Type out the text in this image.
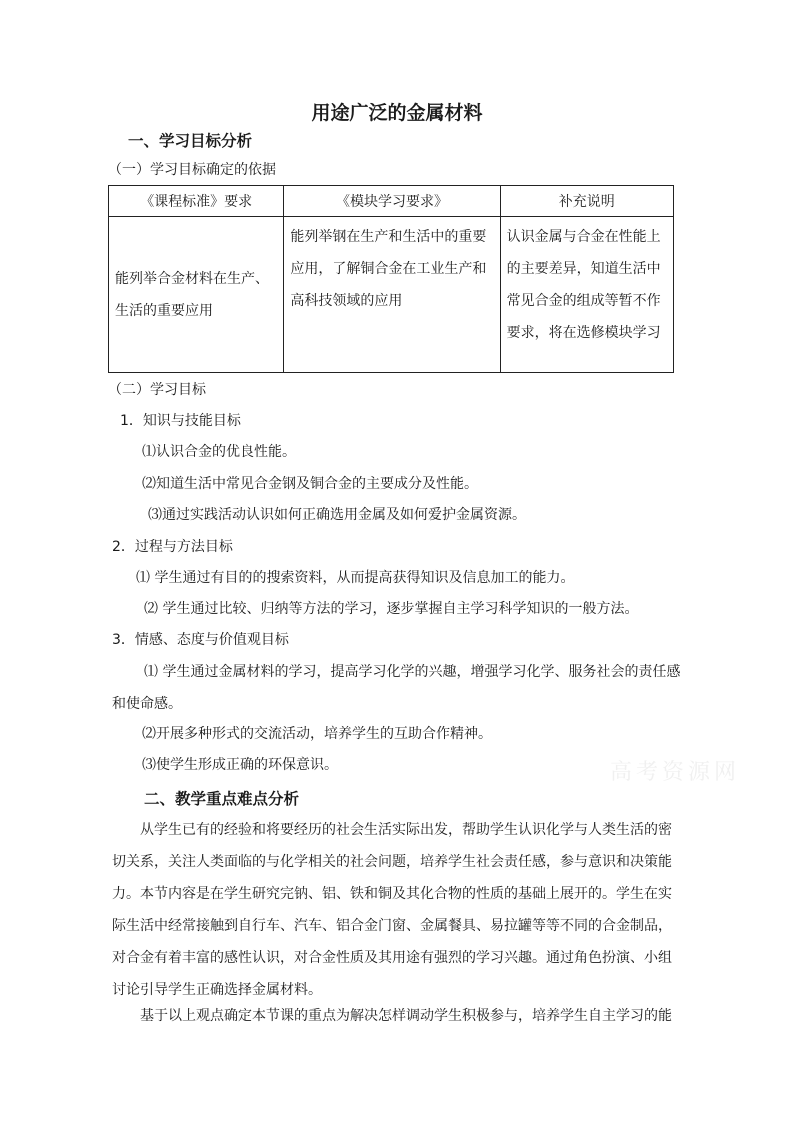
用途广泛的金属材料
一、学习目标分析
（一）学习目标确定的依据
《课程标准》要求	《模块学习要求》	补充说明
能列举合金材料在生产、生活的重要应用	能列举钢在生产和生活中的重要应用，了解铜合金在工业生产和高科技领域的应用	认识金属与合金在性能上的主要差异，知道生活中常见合金的组成等暂不作要求，将在选修模块学习
（二）学习目标
1．知识与技能目标
⑴认识合金的优良性能。
⑵知道生活中常见合金钢及铜合金的主要成分及性能。
⑶通过实践活动认识如何正确选用金属及如何爱护金属资源。
2．过程与方法目标
⑴ 学生通过有目的的搜索资料，从而提高获得知识及信息加工的能力。
⑵ 学生通过比较、归纳等方法的学习，逐步掌握自主学习科学知识的一般方法。
3．情感、态度与价值观目标
⑴ 学生通过金属材料的学习，提高学习化学的兴趣，增强学习化学、服务社会的责任感和使命感。
⑵开展多种形式的交流活动，培养学生的互助合作精神。
⑶使学生形成正确的环保意识。
二、教学重点难点分析
从学生已有的经验和将要经历的社会生活实际出发，帮助学生认识化学与人类生活的密切关系，关注人类面临的与化学相关的社会问题，培养学生社会责任感，参与意识和决策能力。本节内容是在学生研究完钠、铝、铁和铜及其化合物的性质的基础上展开的。学生在实际生活中经常接触到自行车、汽车、铝合金门窗、金属餐具、易拉罐等等不同的合金制品，对合金有着丰富的感性认识，对合金性质及其用途有强烈的学习兴趣。通过角色扮演、小组讨论引导学生正确选择金属材料。
基于以上观点确定本节课的重点为解决怎样调动学生积极参与，培养学生自主学习的能
高考资源网
